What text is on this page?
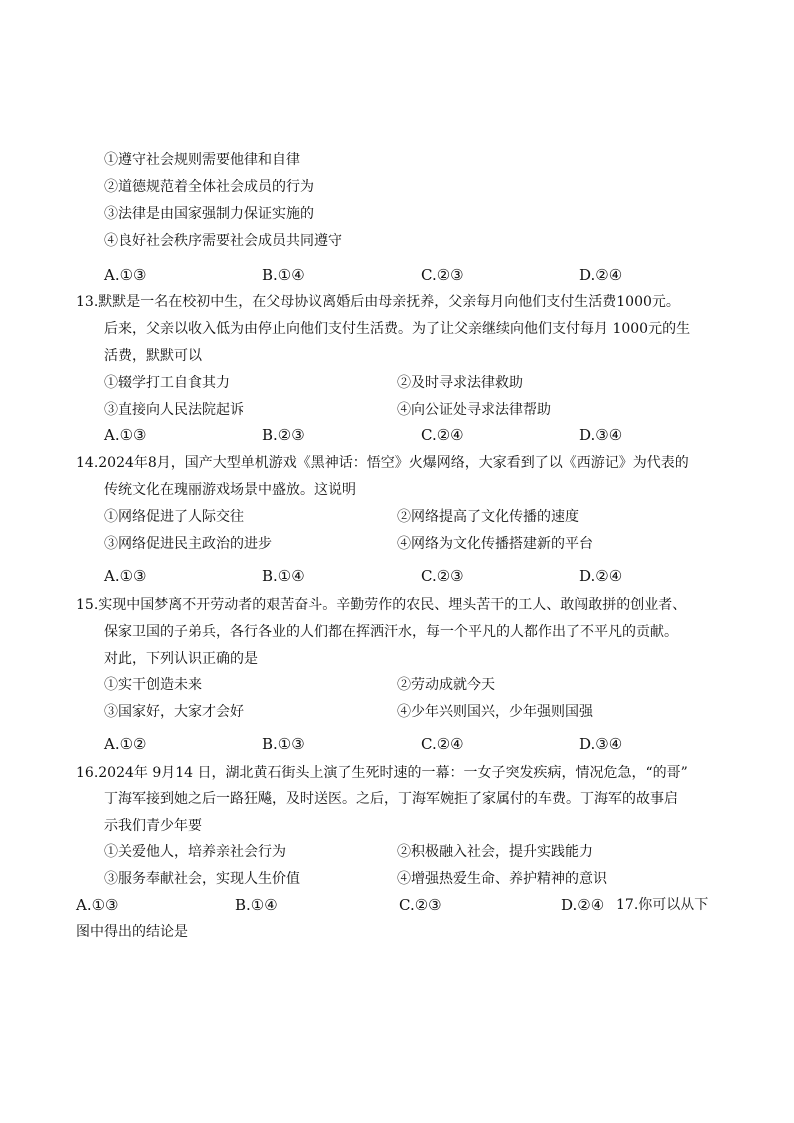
①遵守社会规则需要他律和自律
②道德规范着全体社会成员的行为
③法律是由国家强制力保证实施的
④良好社会秩序需要社会成员共同遵守
A.①③	B.①④	C.②③	D.②④
13.默默是一名在校初中生，在父母协议离婚后由母亲抚养，父亲每月向他们支付生活费1000元。
后来，父亲以收入低为由停止向他们支付生活费。为了让父亲继续向他们支付每月 1000元的生
活费，默默可以
①辍学打工自食其力	②及时寻求法律救助
③直接向人民法院起诉	④向公证处寻求法律帮助
A.①③	B.②③	C.②④	D.③④
14.2024年8月，国产大型单机游戏《黑神话：悟空》火爆网络，大家看到了以《西游记》为代表的
传统文化在瑰丽游戏场景中盛放。这说明
①网络促进了人际交往	②网络提高了文化传播的速度
③网络促进民主政治的进步	④网络为文化传播搭建新的平台
A.①③	B.①④	C.②③	D.②④
15.实现中国梦离不开劳动者的艰苦奋斗。辛勤劳作的农民、埋头苦干的工人、敢闯敢拼的创业者、
保家卫国的子弟兵，各行各业的人们都在挥洒汗水，每一个平凡的人都作出了不平凡的贡献。
对此，下列认识正确的是
①实干创造未来	②劳动成就今天
③国家好，大家才会好	④少年兴则国兴，少年强则国强
A.①②	B.①③	C.②④	D.③④
16.2024年 9月14 日，湖北黄石街头上演了生死时速的一幕：一女子突发疾病，情况危急，“的哥”
丁海军接到她之后一路狂飚，及时送医。之后，丁海军婉拒了家属付的车费。丁海军的故事启
示我们青少年要
①关爱他人，培养亲社会行为	②积极融入社会，提升实践能力
③服务奉献社会，实现人生价值	④增强热爱生命、养护精神的意识
A.①③	B.①④	C.②③	D.②④ 17.你可以从下
图中得出的结论是
